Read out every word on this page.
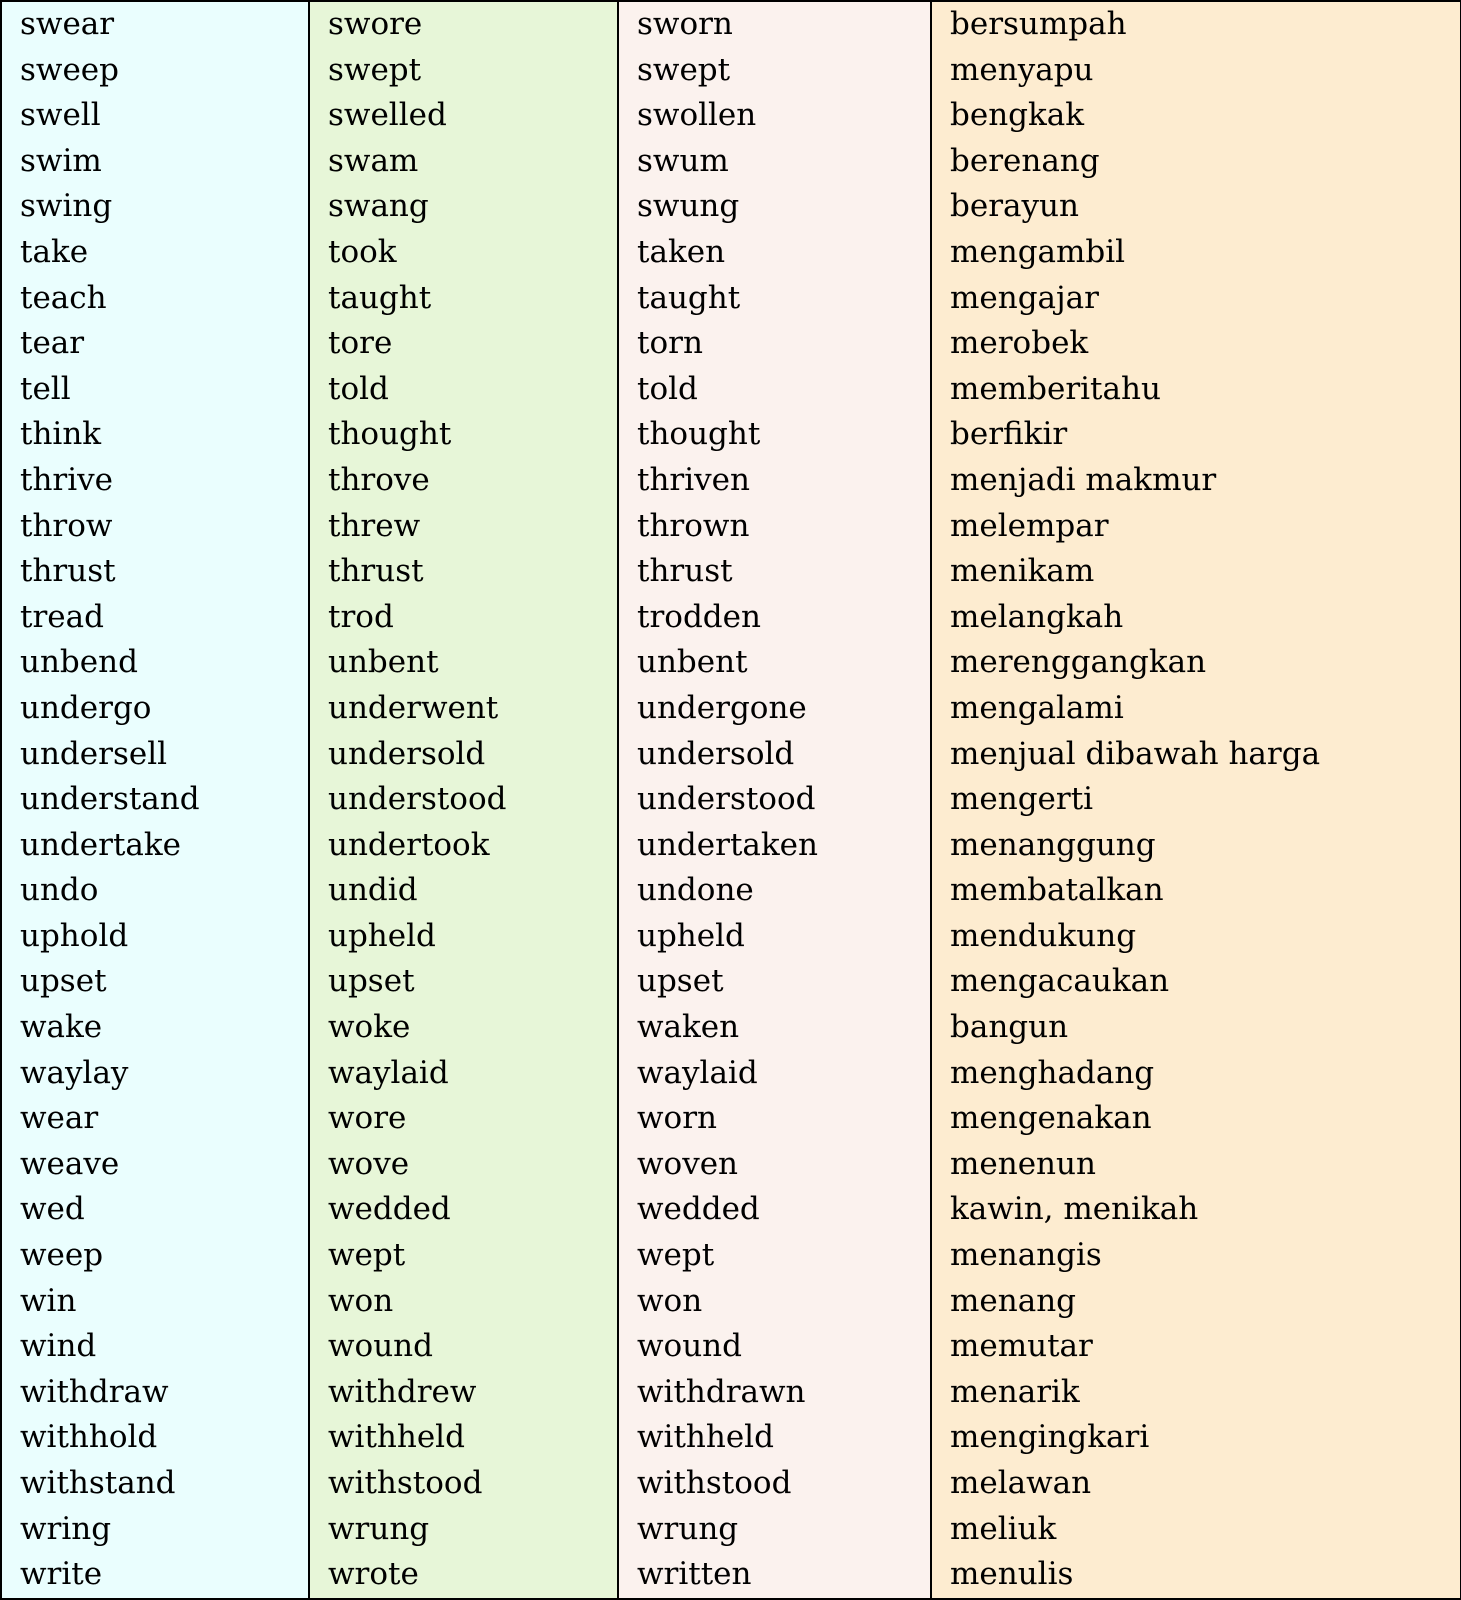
swear	swore	sworn	bersumpah
sweep	swept	swept	menyapu
swell	swelled	swollen	bengkak
swim	swam	swum	berenang
swing	swang	swung	berayun
take	took	taken	mengambil
teach	taught	taught	mengajar
tear	tore	torn	merobek
tell	told	told	memberitahu
think	thought	thought	berfikir
thrive	throve	thriven	menjadi makmur
throw	threw	thrown	melempar
thrust	thrust	thrust	menikam
tread	trod	trodden	melangkah
unbend	unbent	unbent	merenggangkan
undergo	underwent	undergone	mengalami
undersell	undersold	undersold	menjual dibawah harga
understand	understood	understood	mengerti
undertake	undertook	undertaken	menanggung
undo	undid	undone	membatalkan
uphold	upheld	upheld	mendukung
upset	upset	upset	mengacaukan
wake	woke	waken	bangun
waylay	waylaid	waylaid	menghadang
wear	wore	worn	mengenakan
weave	wove	woven	menenun
wed	wedded	wedded	kawin, menikah
weep	wept	wept	menangis
win	won	won	menang
wind	wound	wound	memutar
withdraw	withdrew	withdrawn	menarik
withhold	withheld	withheld	mengingkari
withstand	withstood	withstood	melawan
wring	wrung	wrung	meliuk
write	wrote	written	menulis
